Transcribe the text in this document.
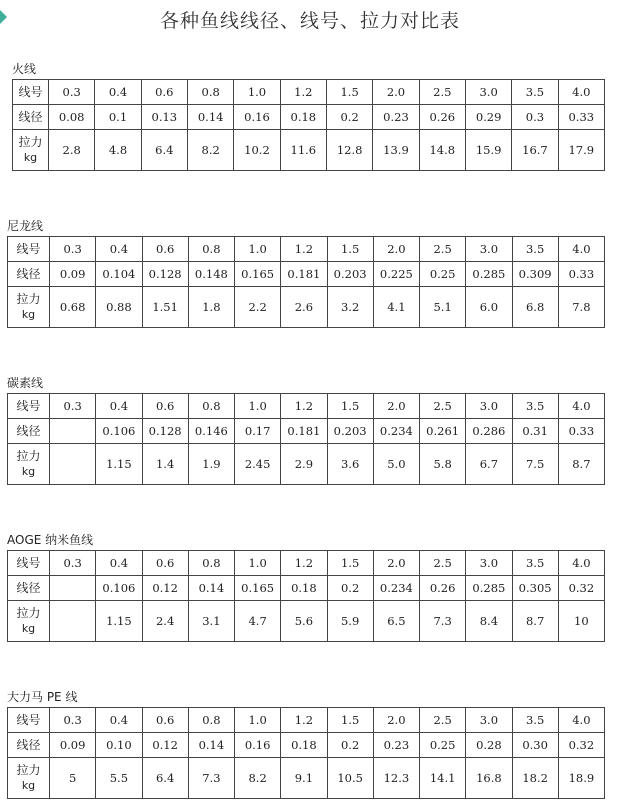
各种鱼线线径、线号、拉力对比表
火线
线号	0.3	0.4	0.6	0.8	1.0	1.2	1.5	2.0	2.5	3.0	3.5	4.0
线径	0.08	0.1	0.13	0.14	0.16	0.18	0.2	0.23	0.26	0.29	0.3	0.33
拉力
kg	2.8	4.8	6.4	8.2	10.2	11.6	12.8	13.9	14.8	15.9	16.7	17.9
尼龙线
线号	0.3	0.4	0.6	0.8	1.0	1.2	1.5	2.0	2.5	3.0	3.5	4.0
线径	0.09	0.104	0.128	0.148	0.165	0.181	0.203	0.225	0.25	0.285	0.309	0.33
拉力
kg	0.68	0.88	1.51	1.8	2.2	2.6	3.2	4.1	5.1	6.0	6.8	7.8
碳素线
线号	0.3	0.4	0.6	0.8	1.0	1.2	1.5	2.0	2.5	3.0	3.5	4.0
线径		0.106	0.128	0.146	0.17	0.181	0.203	0.234	0.261	0.286	0.31	0.33
拉力
kg		1.15	1.4	1.9	2.45	2.9	3.6	5.0	5.8	6.7	7.5	8.7
AOGE 纳米鱼线
线号	0.3	0.4	0.6	0.8	1.0	1.2	1.5	2.0	2.5	3.0	3.5	4.0
线径		0.106	0.12	0.14	0.165	0.18	0.2	0.234	0.26	0.285	0.305	0.32
拉力
kg		1.15	2.4	3.1	4.7	5.6	5.9	6.5	7.3	8.4	8.7	10
大力马 PE 线
线号	0.3	0.4	0.6	0.8	1.0	1.2	1.5	2.0	2.5	3.0	3.5	4.0
线径	0.09	0.10	0.12	0.14	0.16	0.18	0.2	0.23	0.25	0.28	0.30	0.32
拉力
kg	5	5.5	6.4	7.3	8.2	9.1	10.5	12.3	14.1	16.8	18.2	18.9
